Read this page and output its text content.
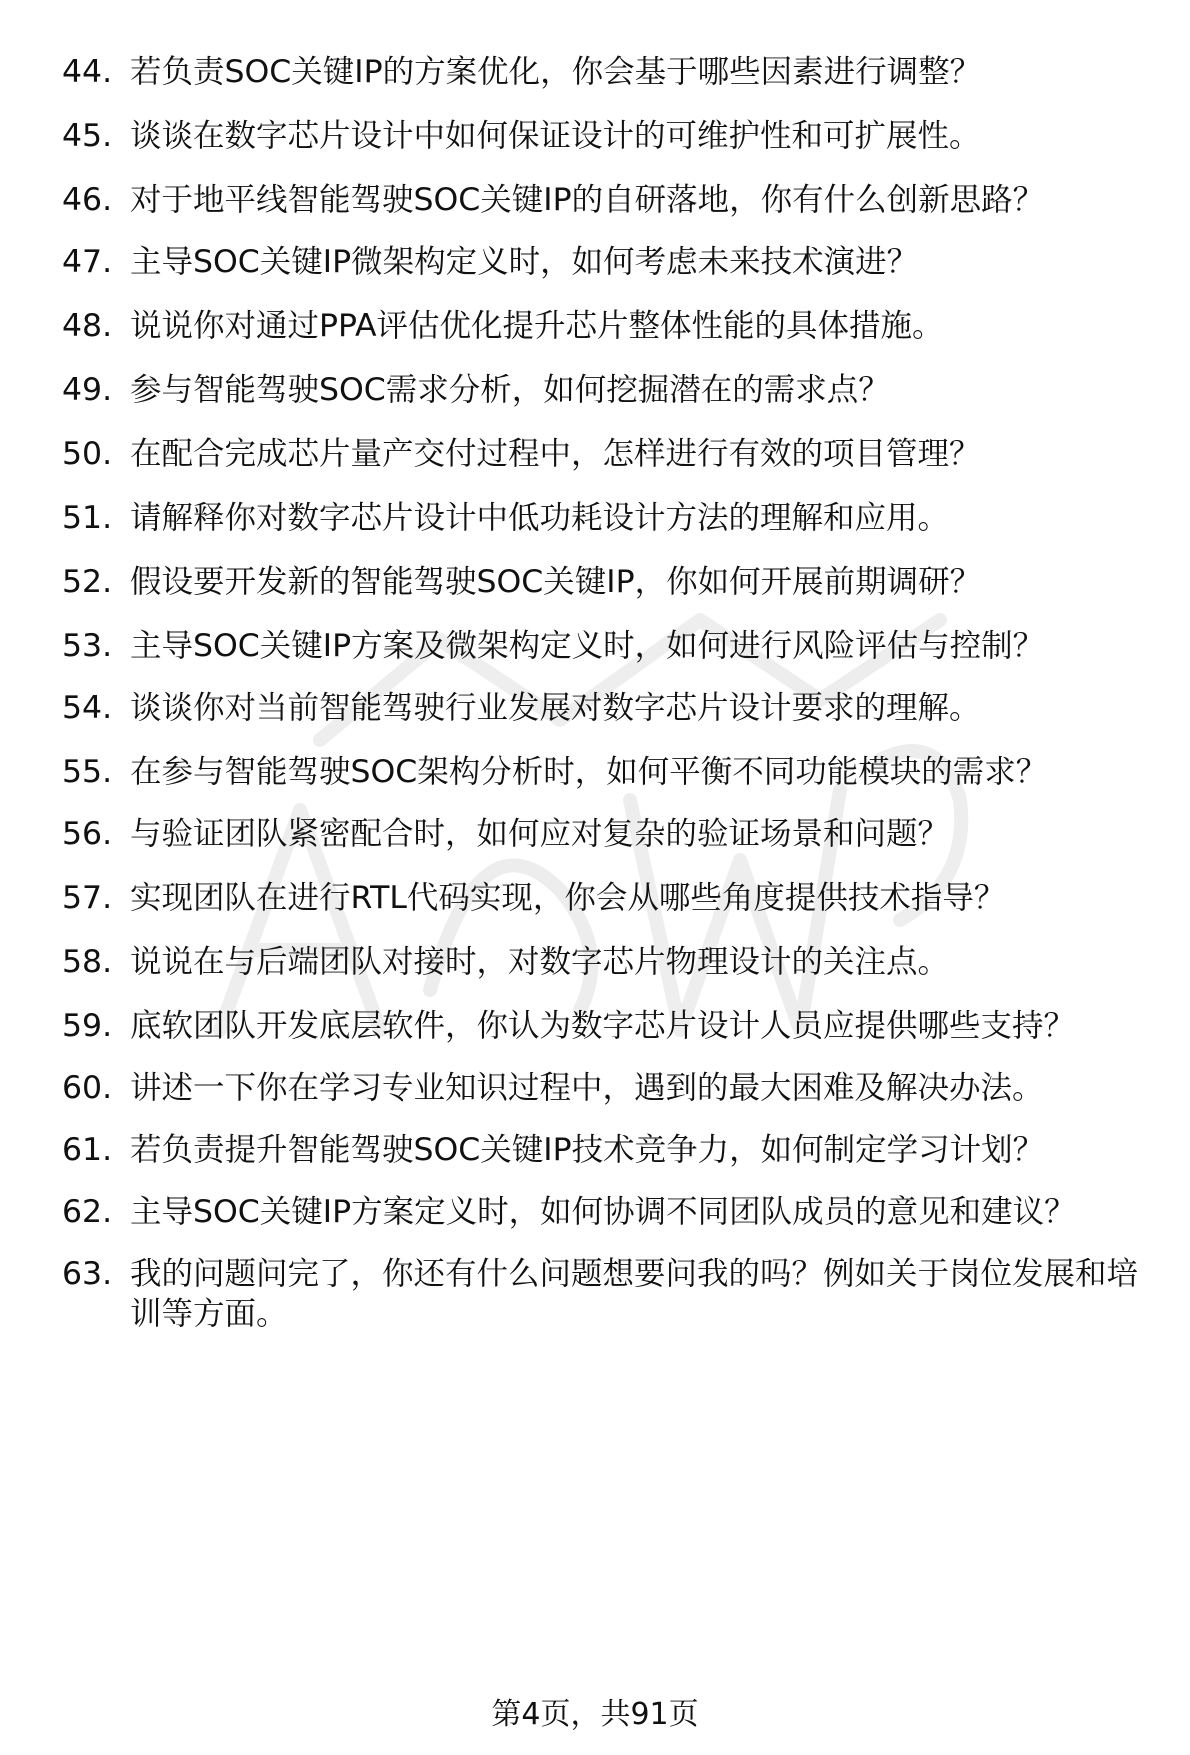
44. 若负责SOC关键IP的方案优化，你会基于哪些因素进行调整？
45. 谈谈在数字芯片设计中如何保证设计的可维护性和可扩展性。
46. 对于地平线智能驾驶SOC关键IP的自研落地，你有什么创新思路？
47. 主导SOC关键IP微架构定义时，如何考虑未来技术演进？
48. 说说你对通过PPA评估优化提升芯片整体性能的具体措施。
49. 参与智能驾驶SOC需求分析，如何挖掘潜在的需求点？
50. 在配合完成芯片量产交付过程中，怎样进行有效的项目管理？
51. 请解释你对数字芯片设计中低功耗设计方法的理解和应用。
52. 假设要开发新的智能驾驶SOC关键IP，你如何开展前期调研？
53. 主导SOC关键IP方案及微架构定义时，如何进行风险评估与控制？
54. 谈谈你对当前智能驾驶行业发展对数字芯片设计要求的理解。
55. 在参与智能驾驶SOC架构分析时，如何平衡不同功能模块的需求？
56. 与验证团队紧密配合时，如何应对复杂的验证场景和问题？
57. 实现团队在进行RTL代码实现，你会从哪些角度提供技术指导？
58. 说说在与后端团队对接时，对数字芯片物理设计的关注点。
59. 底软团队开发底层软件，你认为数字芯片设计人员应提供哪些支持？
60. 讲述一下你在学习专业知识过程中，遇到的最大困难及解决办法。
61. 若负责提升智能驾驶SOC关键IP技术竞争力，如何制定学习计划？
62. 主导SOC关键IP方案定义时，如何协调不同团队成员的意见和建议？
63. 我的问题问完了，你还有什么问题想要问我的吗？例如关于岗位发展和培训等方面。
第4页，共91页
